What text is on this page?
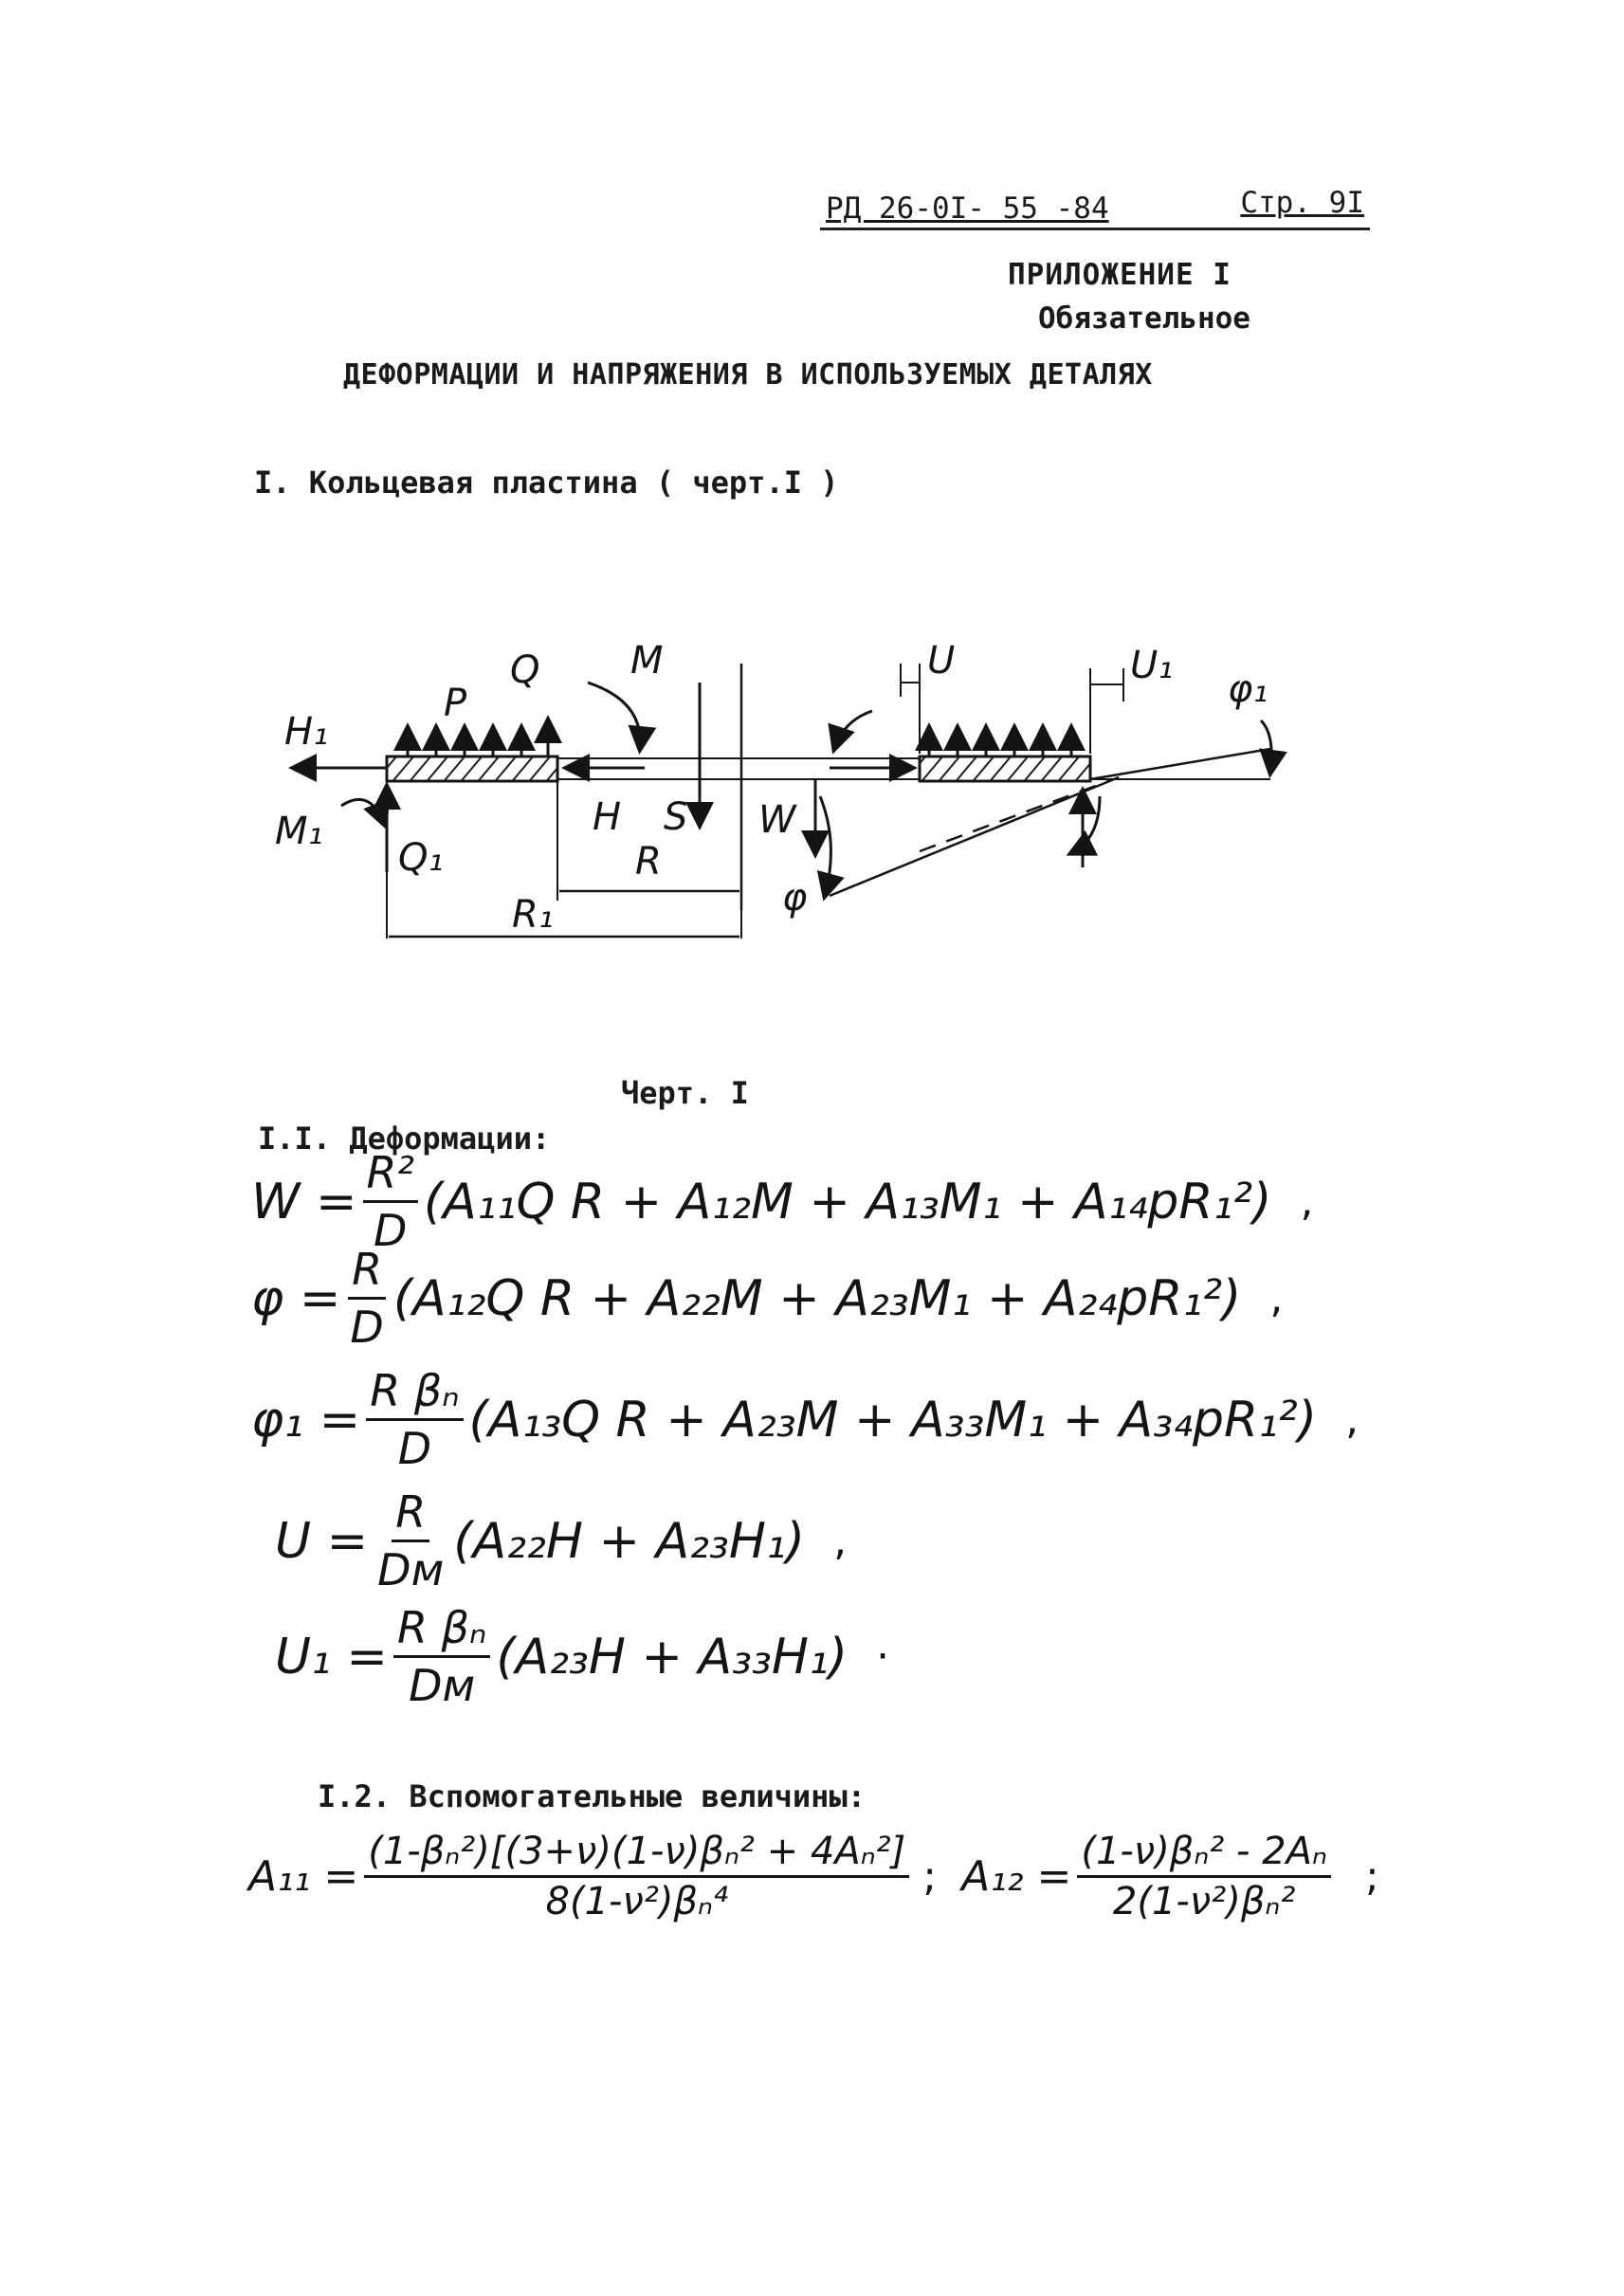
РД 26-0I- 55 -84	Стр. 9I
ПРИЛОЖЕНИЕ I
Обязательное
ДЕФОРМАЦИИ И НАПРЯЖЕНИЯ В ИСПОЛЬЗУЕМЫХ ДЕТАЛЯХ
I. Кольцевая пластина ( черт.I )
H₁
M₁
P
Q M
Q₁
H S
R
R₁
W
φ
U	U₁
φ₁
Черт. I
I.I. Деформации:
$W = \frac{\text{R²}}{D} (A_{11}Q$ R + A₁₂M + A₁₃M₁ + A₁₄pR₁²) ,
$\varphi = \frac{R}{D} (A_{12}Q$ R + A₂₂M + A₂₃M₁ + A₂₄pR₁²) ,
$\varphi_1 = \frac{\text{R βₙ}}{D} (A_{13}Q$ R + A₂₃M + A₃₃M₁ + A₃₄pR₁²) ,
$U = \frac{R}{Dм} (A_{22}H + A_{23}H_1)$ ,
$U_1 = \frac{\text{R βₙ}}{Dм} (A_{23}H + A_{33}H_1)$ ·
I.2. Вспомогательные величины:
$A_{11} = \frac{\text{(1-βₙ²)[(3+ν)(1-ν)βₙ² + 4Aₙ²]}}{\text{8(1-ν²)βₙ⁴}}$ ; $A_{12} = \frac{\text{(1-ν)βₙ² - 2Aₙ}}{\text{2(1-ν²)βₙ²}}$ ;
